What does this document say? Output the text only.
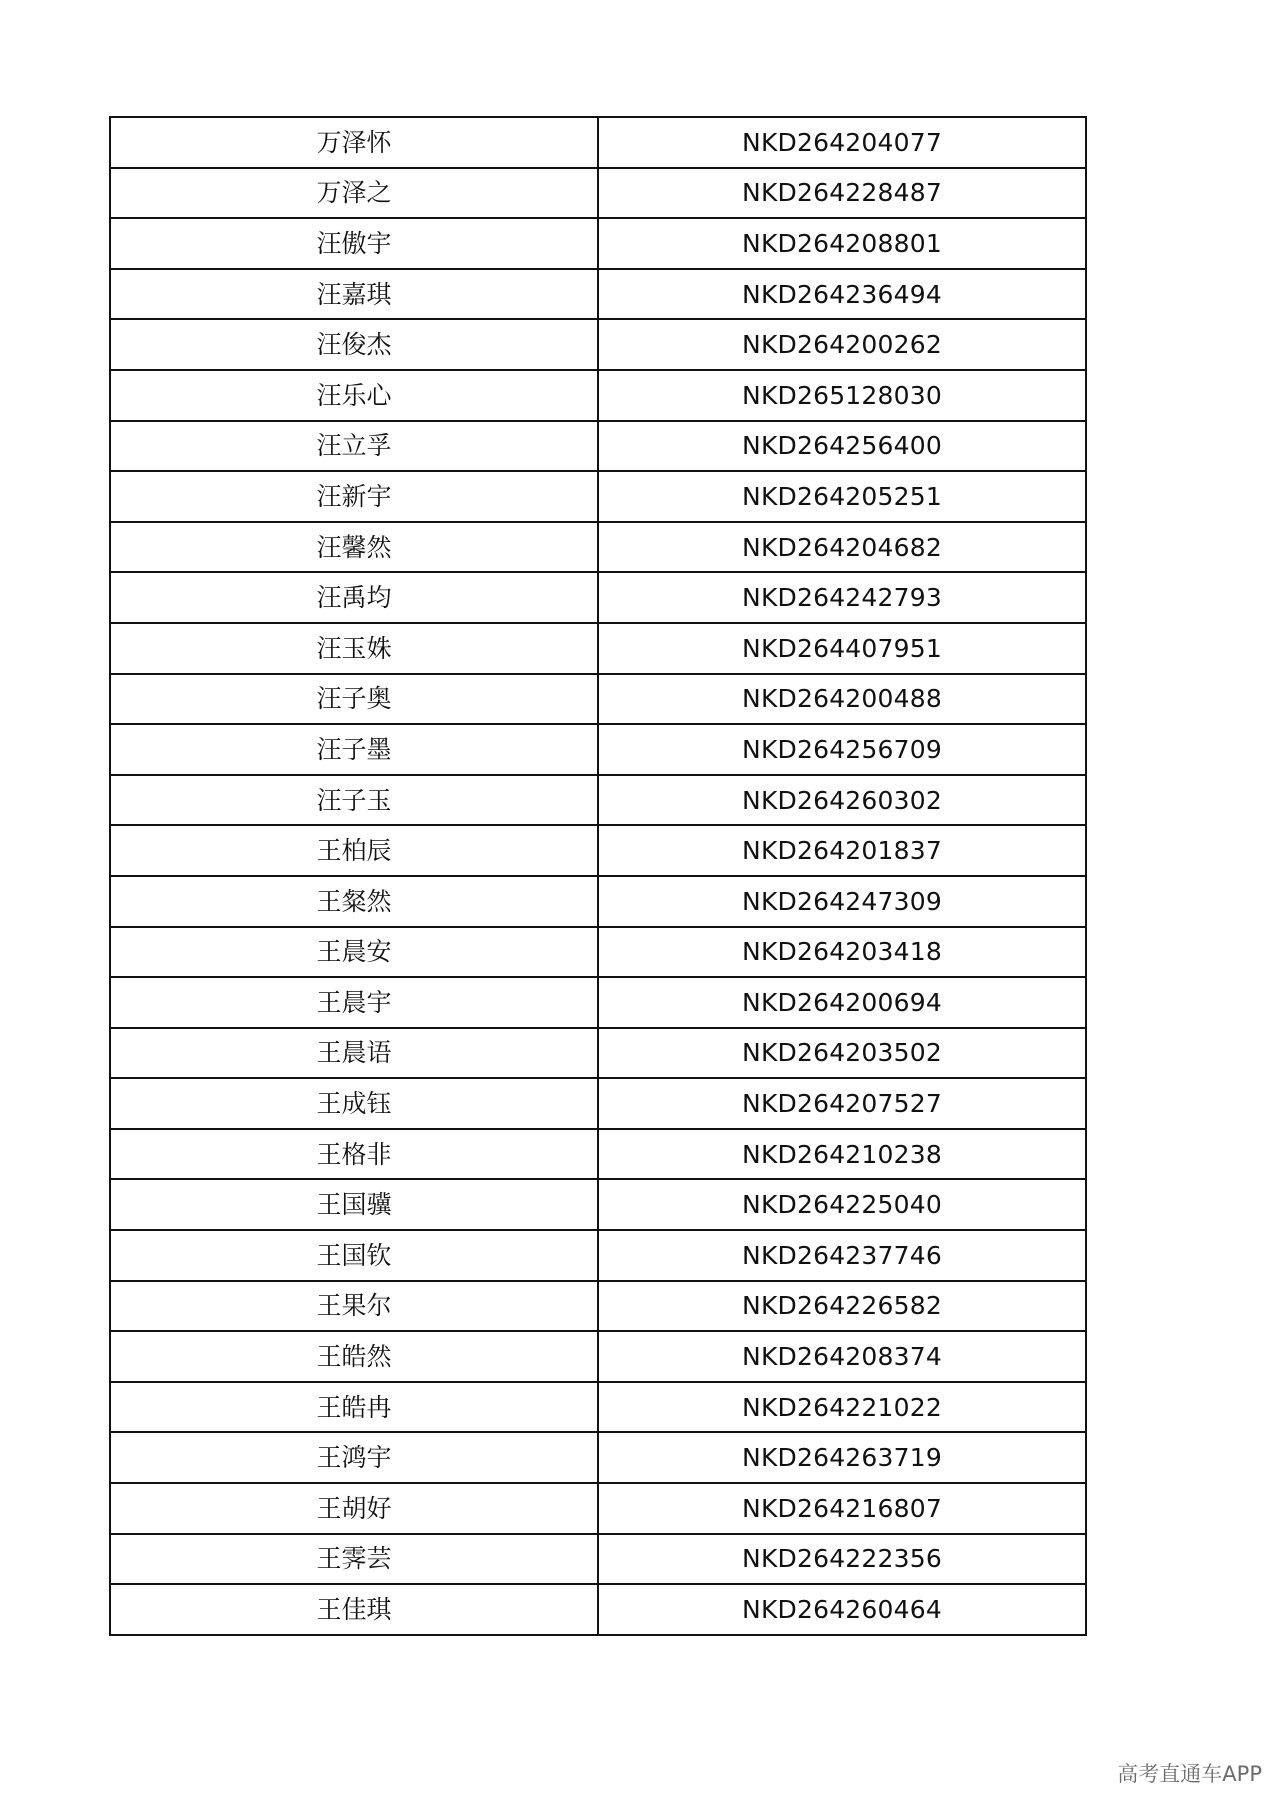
万泽怀	NKD264204077
万泽之	NKD264228487
汪傲宇	NKD264208801
汪嘉琪	NKD264236494
汪俊杰	NKD264200262
汪乐心	NKD265128030
汪立孚	NKD264256400
汪新宇	NKD264205251
汪馨然	NKD264204682
汪禹均	NKD264242793
汪玉姝	NKD264407951
汪子奥	NKD264200488
汪子墨	NKD264256709
汪子玉	NKD264260302
王柏辰	NKD264201837
王粲然	NKD264247309
王晨安	NKD264203418
王晨宇	NKD264200694
王晨语	NKD264203502
王成钰	NKD264207527
王格非	NKD264210238
王国骥	NKD264225040
王国钦	NKD264237746
王果尔	NKD264226582
王皓然	NKD264208374
王皓冉	NKD264221022
王鸿宇	NKD264263719
王胡好	NKD264216807
王霁芸	NKD264222356
王佳琪	NKD264260464
高考直通车APP
